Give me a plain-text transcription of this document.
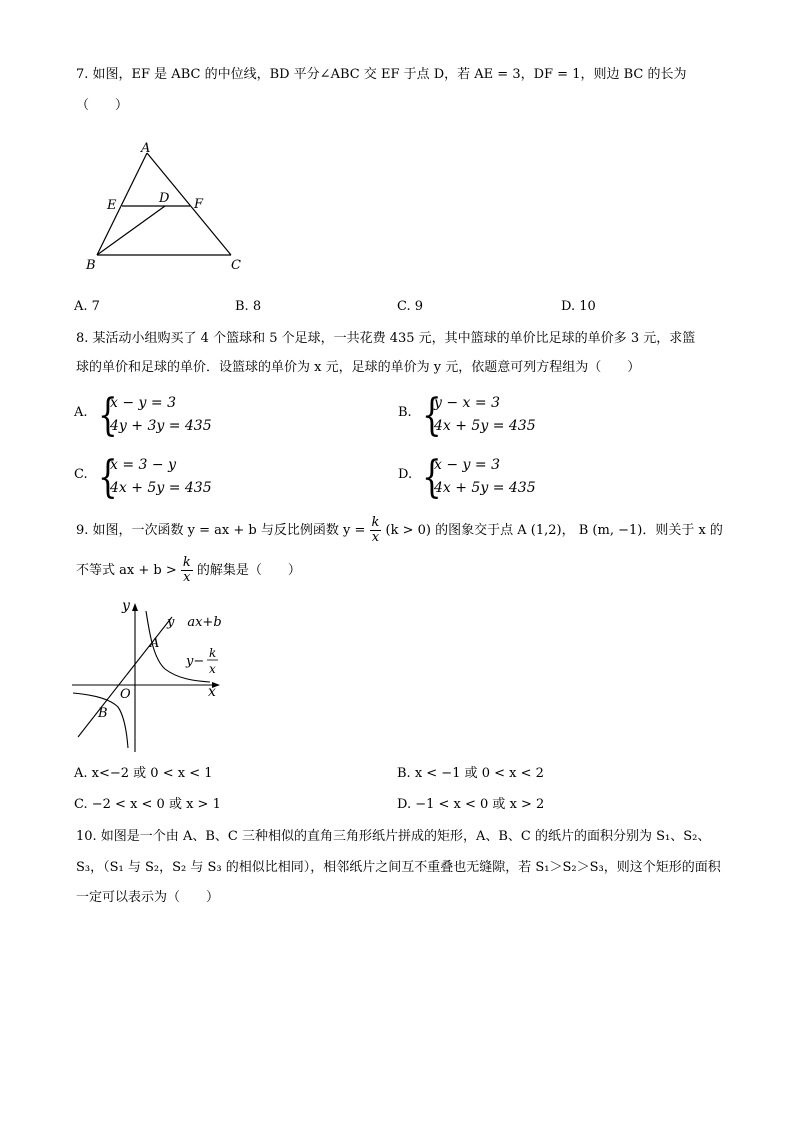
7. 如图，EF 是 ABC 的中位线，BD 平分∠ABC 交 EF 于点 D，若 AE = 3，DF = 1，则边 BC 的长为
（　　）
A
E	D F
B	C
A. 7	B. 8	C. 9	D. 10
8. 某活动小组购买了 4 个篮球和 5 个足球，一共花费 435 元，其中篮球的单价比足球的单价多 3 元，求篮
球的单价和足球的单价．设篮球的单价为 x 元，足球的单价为 y 元，依题意可列方程组为（　　）
A. {
x − y = 3
4y + 3y = 435
B. {
y − x = 3
4x + 5y = 435
C. {
x = 3 − y
4x + 5y = 435
D. {
x − y = 3
4x + 5y = 435
9. 如图，一次函数 y = ax + b 与反比例函数 $y = \frac{k}{x} (k > 0)$ 的图象交于点 A (1,2)， B (m, −1)．则关于 x 的
不等式 ax + $b > \frac{k}{x}$ 的解集是（　　）
y
x
O
A
B
y　ax+b
y−
k
x
A. x<−2 或 0 < x < 1	B. x < −1 或 0 < x < 2
C. −2 < x < 0 或 x > 1	D. −1 < x < 0 或 x > 2
10. 如图是一个由 A、B、C 三种相似的直角三角形纸片拼成的矩形，A、B、C 的纸片的面积分别为 S₁、S₂、
S₃，（S₁ 与 S₂，S₂ 与 S₃ 的相似比相同），相邻纸片之间互不重叠也无缝隙，若 S₁＞S₂＞S₃，则这个矩形的面积
一定可以表示为（　　）
